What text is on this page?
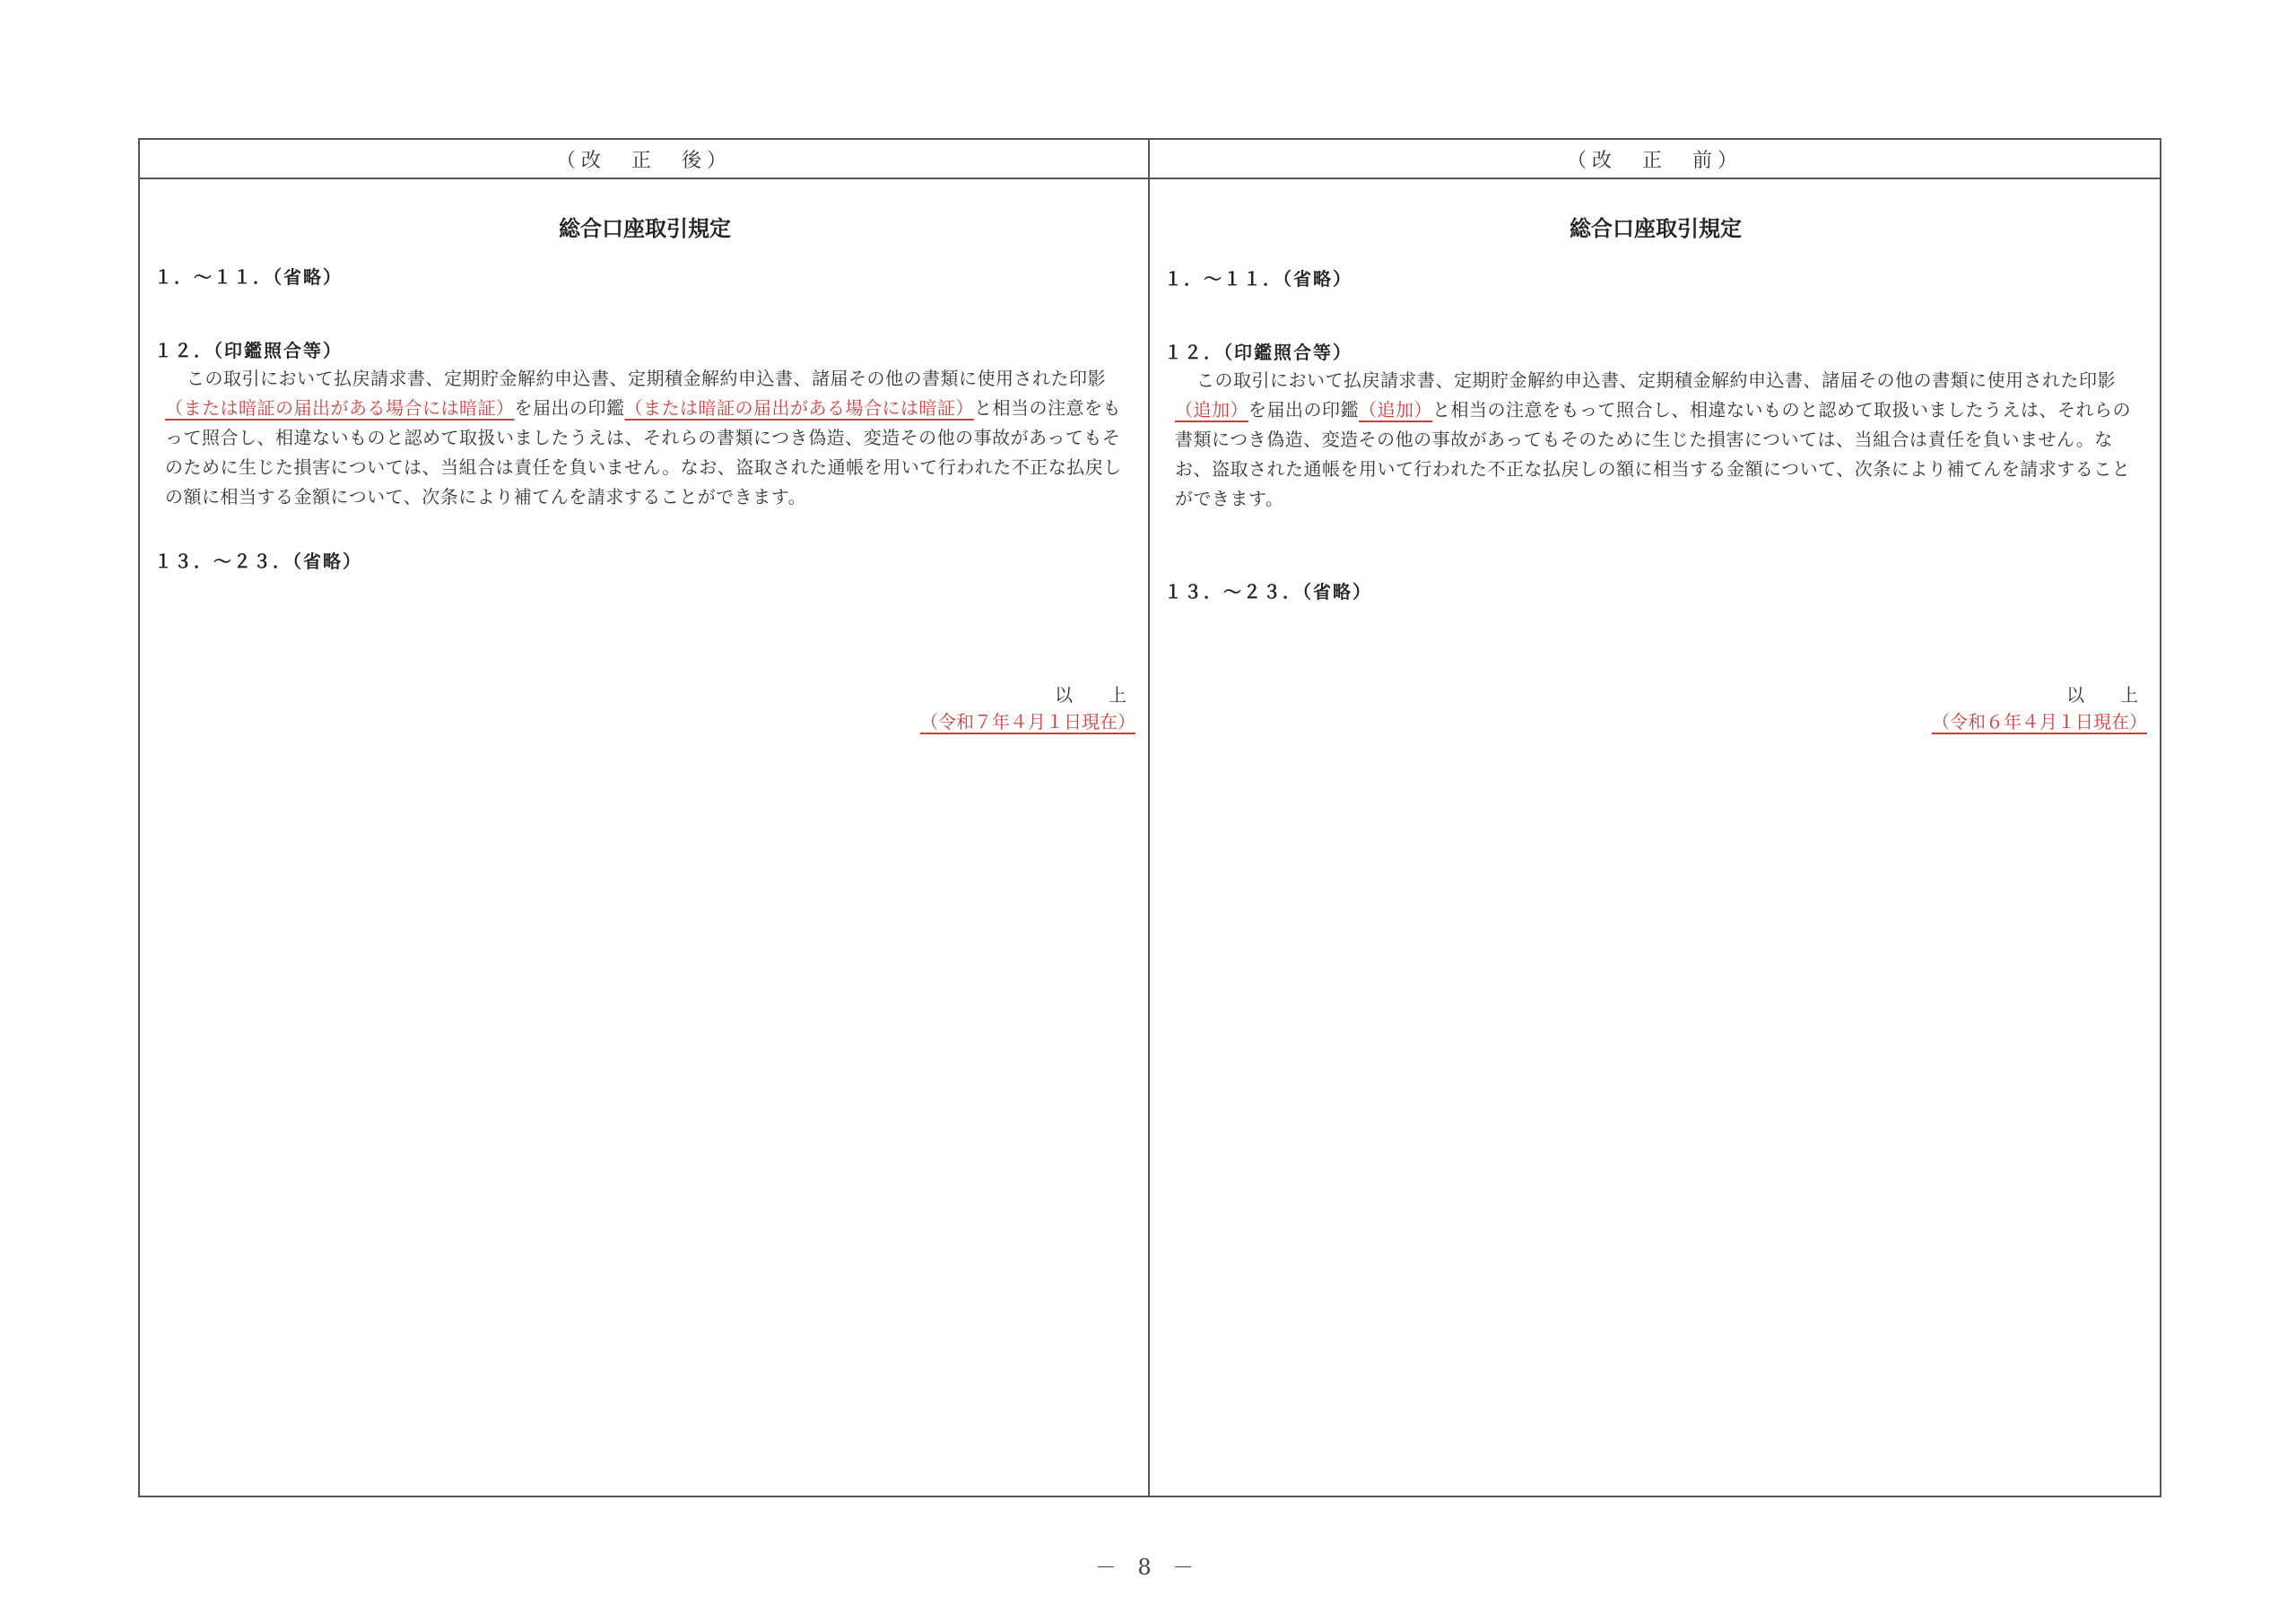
（改　正　後）	（改　正　前）
総合口座取引規定
１．～１１．（省略）
１２．（印鑑照合等）
この取引において払戻請求書、定期貯金解約申込書、定期積金解約申込書、諸届その他の書類に使用された印影（または暗証の届出がある場合には暗証）を届出の印鑑（または暗証の届出がある場合には暗証）と相当の注意をもって照合し、相違ないものと認めて取扱いましたうえは、それらの書類につき偽造、変造その他の事故があってもそのために生じた損害については、当組合は責任を負いません。なお、盗取された通帳を用いて行われた不正な払戻しの額に相当する金額について、次条により補てんを請求することができます。
１３．～２３．（省略）
以　上
（令和７年４月１日現在）
総合口座取引規定
１．～１１．（省略）
１２．（印鑑照合等）
この取引において払戻請求書、定期貯金解約申込書、定期積金解約申込書、諸届その他の書類に使用された印影（追加）を届出の印鑑（追加）と相当の注意をもって照合し、相違ないものと認めて取扱いましたうえは、それらの書類につき偽造、変造その他の事故があってもそのために生じた損害については、当組合は責任を負いません。なお、盗取された通帳を用いて行われた不正な払戻しの額に相当する金額について、次条により補てんを請求することができます。
１３．～２３．（省略）
以　上
（令和６年４月１日現在）
－ 8 －
